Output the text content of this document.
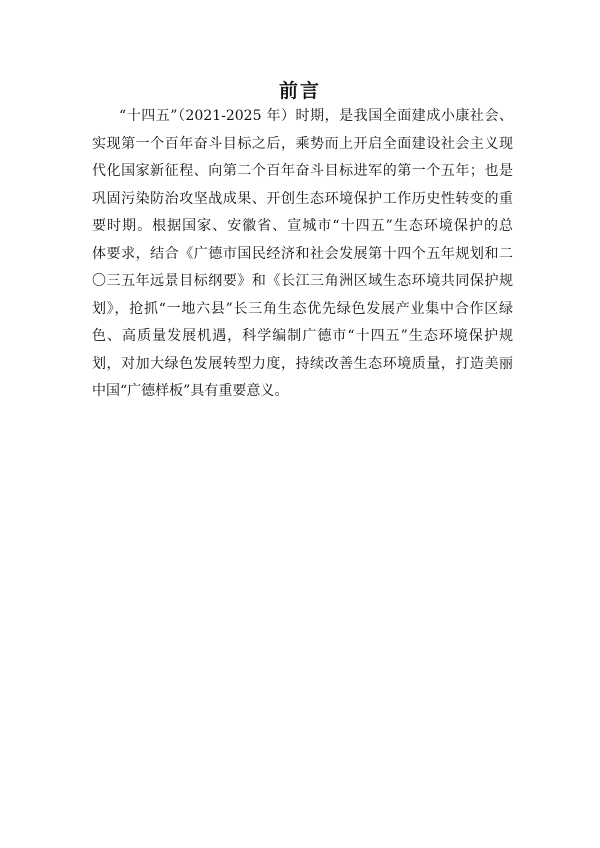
前言
“十四五”（2021-2025 年）时期，是我国全面建成小康社会、
实现第一个百年奋斗目标之后，乘势而上开启全面建设社会主义现
代化国家新征程、向第二个百年奋斗目标进军的第一个五年；也是
巩固污染防治攻坚战成果、开创生态环境保护工作历史性转变的重
要时期。根据国家、安徽省、宣城市“十四五”生态环境保护的总
体要求，结合《广德市国民经济和社会发展第十四个五年规划和二
〇三五年远景目标纲要》和《长江三角洲区域生态环境共同保护规
划》，抢抓“一地六县”长三角生态优先绿色发展产业集中合作区绿
色、高质量发展机遇，科学编制广德市“十四五”生态环境保护规
划，对加大绿色发展转型力度，持续改善生态环境质量，打造美丽
中国“广德样板”具有重要意义。
